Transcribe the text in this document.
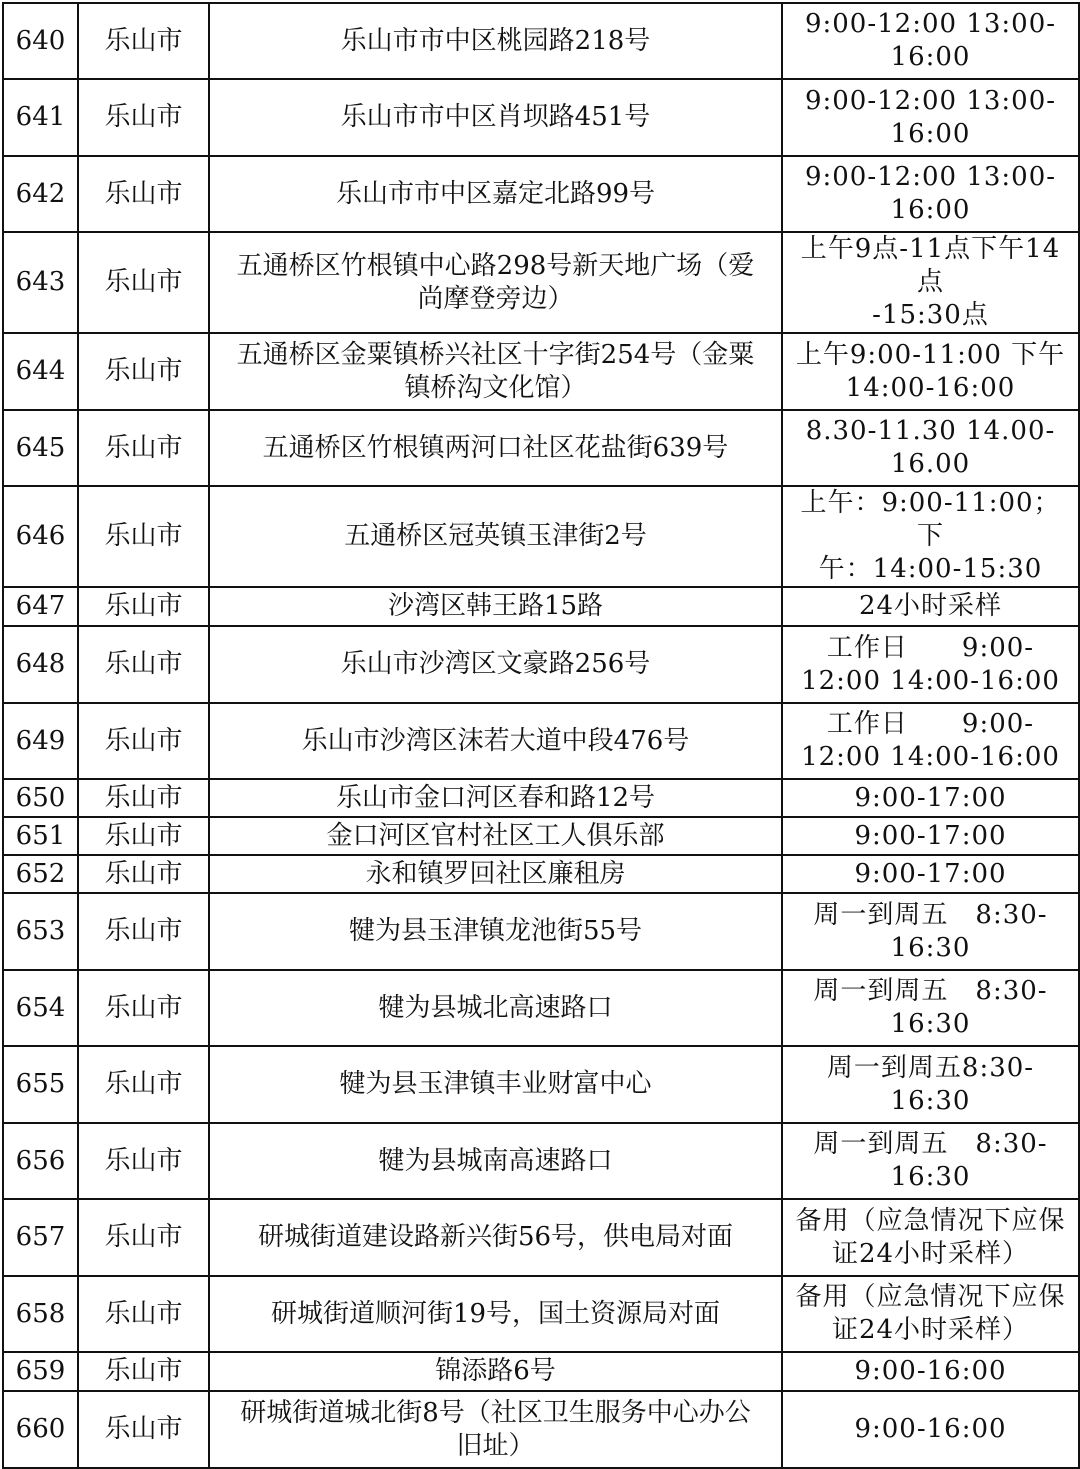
640	乐山市	乐山市市中区桃园路218号	9:00-12:00 13:00-
16:00

641	乐山市	乐山市市中区肖坝路451号	9:00-12:00 13:00-
16:00

642	乐山市	乐山市市中区嘉定北路99号	9:00-12:00 13:00-
16:00

643	乐山市	五通桥区竹根镇中心路298号新天地广场（爱
尚摩登旁边）	上午9点-11点下午14点
-15:30点

644	乐山市	五通桥区金粟镇桥兴社区十字街254号（金粟
镇桥沟文化馆）	上午9:00-11:00 下午
14:00-16:00

645	乐山市	五通桥区竹根镇两河口社区花盐街639号	8.30-11.30 14.00-
16.00

646	乐山市	五通桥区冠英镇玉津街2号	上午：9:00-11:00；下
午：14:00-15:30

647	乐山市	沙湾区韩王路15路	24小时采样

648	乐山市	乐山市沙湾区文豪路256号	工作日　　9:00-
12:00 14:00-16:00

649	乐山市	乐山市沙湾区沫若大道中段476号	工作日　　9:00-
12:00 14:00-16:00

650	乐山市	乐山市金口河区春和路12号	9:00-17:00

651	乐山市	金口河区官村社区工人俱乐部	9:00-17:00

652	乐山市	永和镇罗回社区廉租房	9:00-17:00

653	乐山市	犍为县玉津镇龙池街55号	周一到周五　8:30-
16:30

654	乐山市	犍为县城北高速路口	周一到周五　8:30-
16:30

655	乐山市	犍为县玉津镇丰业财富中心	周一到周五8:30-16:30

656	乐山市	犍为县城南高速路口	周一到周五　8:30-
16:30

657	乐山市	研城街道建设路新兴街56号，供电局对面	备用（应急情况下应保
证24小时采样）

658	乐山市	研城街道顺河街19号，国土资源局对面	备用（应急情况下应保
证24小时采样）

659	乐山市	锦添路6号	9:00-16:00

660	乐山市	研城街道城北街8号（社区卫生服务中心办公
旧址）	9:00-16:00
